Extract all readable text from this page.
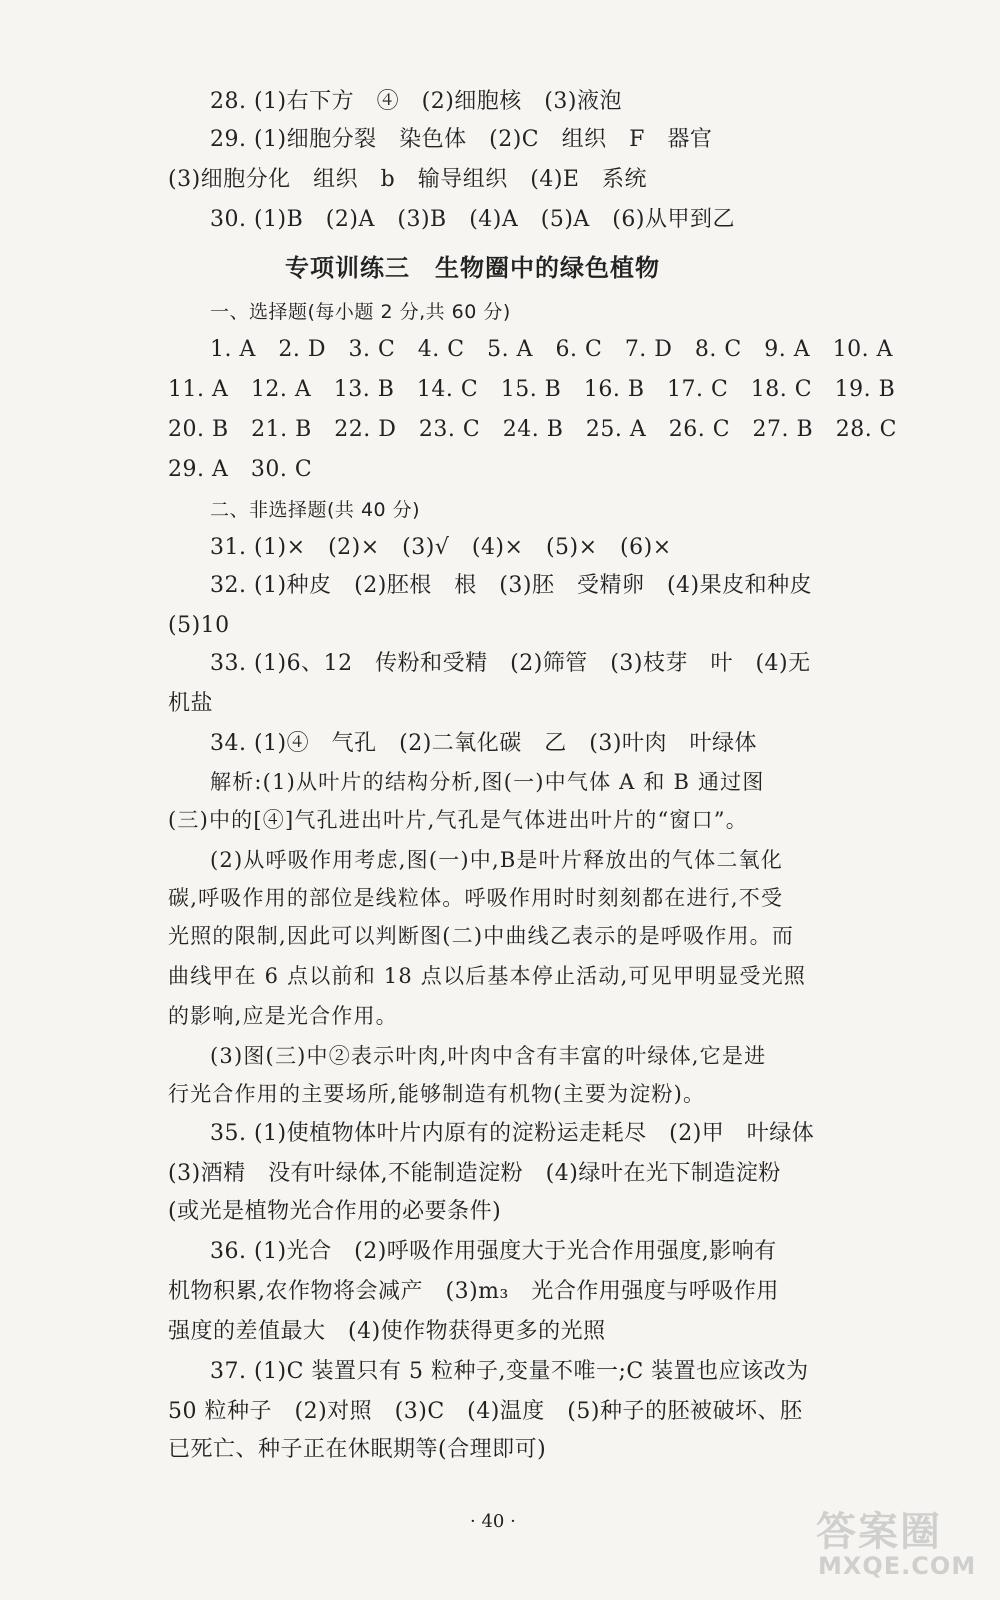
28. (1)右下方　④　(2)细胞核　(3)液泡
29. (1)细胞分裂　染色体　(2)C　组织　F　器官
(3)细胞分化　组织　b　输导组织　(4)E　系统
30. (1)B　(2)A　(3)B　(4)A　(5)A　(6)从甲到乙
专项训练三　生物圈中的绿色植物
一、选择题(每小题 2 分,共 60 分)
1. A　2. D　3. C　4. C　5. A　6. C　7. D　8. C　9. A　10. A
11. A　12. A　13. B　14. C　15. B　16. B　17. C　18. C　19. B
20. B　21. B　22. D　23. C　24. B　25. A　26. C　27. B　28. C
29. A　30. C
二、非选择题(共 40 分)
31. (1)×　(2)×　(3)√　(4)×　(5)×　(6)×
32. (1)种皮　(2)胚根　根　(3)胚　受精卵　(4)果皮和种皮
(5)10
33. (1)6、12　传粉和受精　(2)筛管　(3)枝芽　叶　(4)无
机盐
34. (1)④　气孔　(2)二氧化碳　乙　(3)叶肉　叶绿体
解析:(1)从叶片的结构分析,图(一)中气体 A 和 B 通过图
(三)中的[④]气孔进出叶片,气孔是气体进出叶片的“窗口”。
(2)从呼吸作用考虑,图(一)中,B是叶片释放出的气体二氧化
碳,呼吸作用的部位是线粒体。呼吸作用时时刻刻都在进行,不受
光照的限制,因此可以判断图(二)中曲线乙表示的是呼吸作用。而
曲线甲在 6 点以前和 18 点以后基本停止活动,可见甲明显受光照
的影响,应是光合作用。
(3)图(三)中②表示叶肉,叶肉中含有丰富的叶绿体,它是进
行光合作用的主要场所,能够制造有机物(主要为淀粉)。
35. (1)使植物体叶片内原有的淀粉运走耗尽　(2)甲　叶绿体
(3)酒精　没有叶绿体,不能制造淀粉　(4)绿叶在光下制造淀粉
(或光是植物光合作用的必要条件)
36. (1)光合　(2)呼吸作用强度大于光合作用强度,影响有
机物积累,农作物将会减产　(3)m₃　光合作用强度与呼吸作用
强度的差值最大　(4)使作物获得更多的光照
37. (1)C 装置只有 5 粒种子,变量不唯一;C 装置也应该改为
50 粒种子　(2)对照　(3)C　(4)温度　(5)种子的胚被破坏、胚
已死亡、种子正在休眠期等(合理即可)
· 40 ·	答案圈
MXQE.COM
